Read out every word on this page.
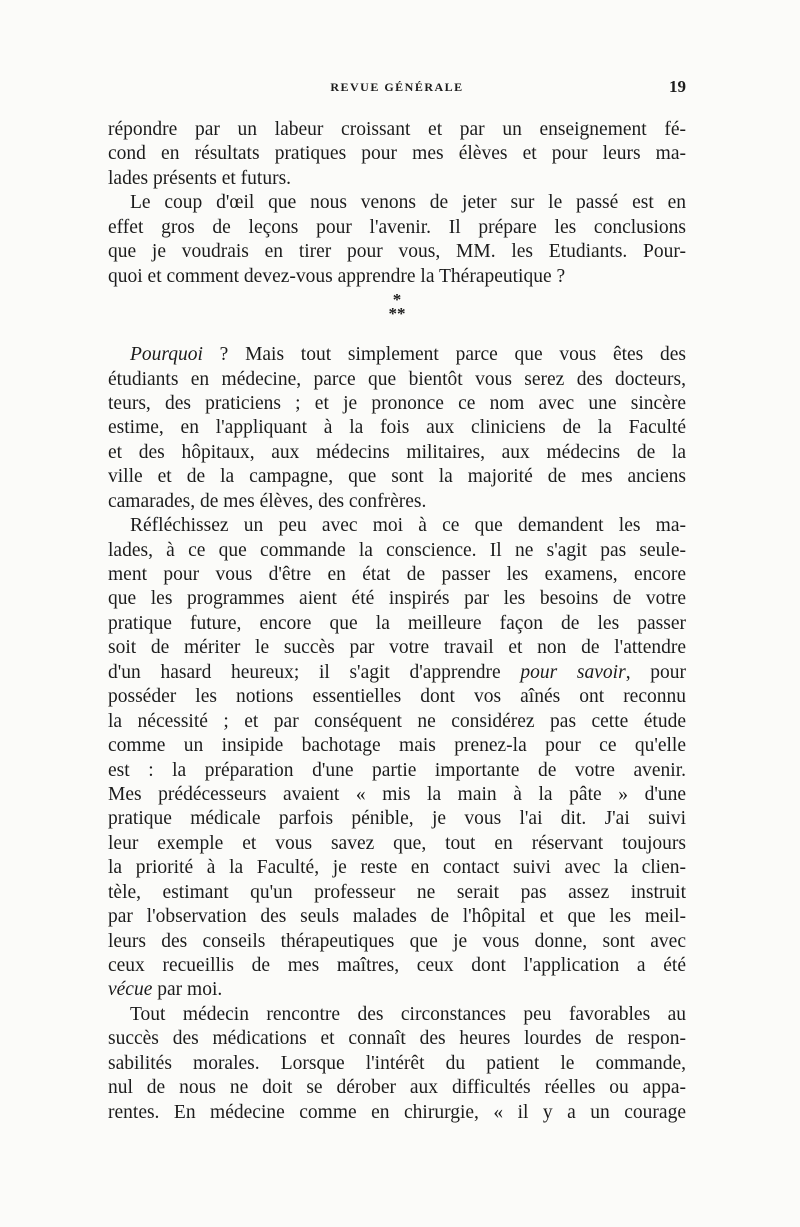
REVUE GÉNÉRALE	19
répondre par un labeur croissant et par un enseignement fé-
cond en résultats pratiques pour mes élèves et pour leurs ma-
lades présents et futurs.
Le coup d'œil que nous venons de jeter sur le passé est en
effet gros de leçons pour l'avenir. Il prépare les conclusions
que je voudrais en tirer pour vous, MM. les Etudiants. Pour-
quoi et comment devez-vous apprendre la Thérapeutique ?
*
**
Pourquoi ? Mais tout simplement parce que vous êtes des
étudiants en médecine, parce que bientôt vous serez des docteurs,
teurs, des praticiens ; et je prononce ce nom avec une sincère
estime, en l'appliquant à la fois aux cliniciens de la Faculté
et des hôpitaux, aux médecins militaires, aux médecins de la
ville et de la campagne, que sont la majorité de mes anciens
camarades, de mes élèves, des confrères.
Réfléchissez un peu avec moi à ce que demandent les ma-
lades, à ce que commande la conscience. Il ne s'agit pas seule-
ment pour vous d'être en état de passer les examens, encore
que les programmes aient été inspirés par les besoins de votre
pratique future, encore que la meilleure façon de les passer
soit de mériter le succès par votre travail et non de l'attendre
d'un hasard heureux; il s'agit d'apprendre pour savoir, pour
posséder les notions essentielles dont vos aînés ont reconnu
la nécessité ; et par conséquent ne considérez pas cette étude
comme un insipide bachotage mais prenez-la pour ce qu'elle
est : la préparation d'une partie importante de votre avenir.
Mes prédécesseurs avaient « mis la main à la pâte » d'une
pratique médicale parfois pénible, je vous l'ai dit. J'ai suivi
leur exemple et vous savez que, tout en réservant toujours
la priorité à la Faculté, je reste en contact suivi avec la clien-
tèle, estimant qu'un professeur ne serait pas assez instruit
par l'observation des seuls malades de l'hôpital et que les meil-
leurs des conseils thérapeutiques que je vous donne, sont avec
ceux recueillis de mes maîtres, ceux dont l'application a été
vécue par moi.
Tout médecin rencontre des circonstances peu favorables au
succès des médications et connaît des heures lourdes de respon-
sabilités morales. Lorsque l'intérêt du patient le commande,
nul de nous ne doit se dérober aux difficultés réelles ou appa-
rentes. En médecine comme en chirurgie, « il y a un courage
